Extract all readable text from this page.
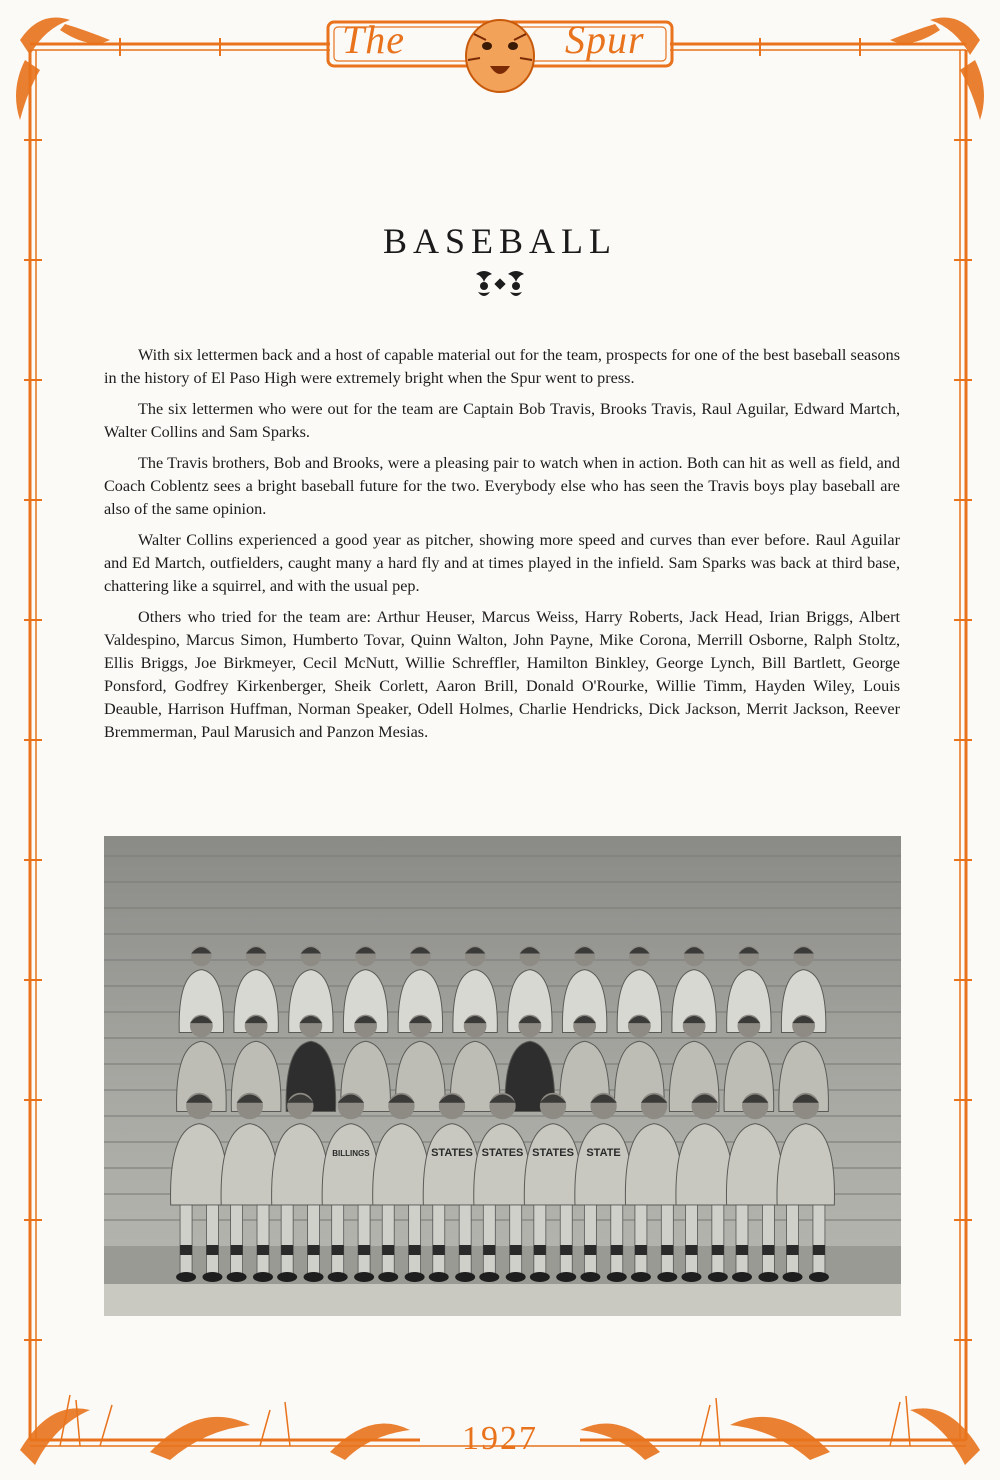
The	Spur
1927
BASEBALL

With six lettermen back and a host of capable material out for the team, prospects for one of the best baseball seasons in the history of El Paso High were extremely bright when the Spur went to press.

The six lettermen who were out for the team are Captain Bob Travis, Brooks Travis, Raul Aguilar, Edward Martch, Walter Collins and Sam Sparks.

The Travis brothers, Bob and Brooks, were a pleasing pair to watch when in action. Both can hit as well as field, and Coach Coblentz sees a bright baseball future for the two. Everybody else who has seen the Travis boys play baseball are also of the same opinion.

Walter Collins experienced a good year as pitcher, showing more speed and curves than ever before. Raul Aguilar and Ed Martch, outfielders, caught many a hard fly and at times played in the infield. Sam Sparks was back at third base, chattering like a squirrel, and with the usual pep.

Others who tried for the team are: Arthur Heuser, Marcus Weiss, Harry Roberts, Jack Head, Irian Briggs, Albert Valdespino, Marcus Simon, Humberto Tovar, Quinn Walton, John Payne, Mike Corona, Merrill Osborne, Ralph Stoltz, Ellis Briggs, Joe Birkmeyer, Cecil McNutt, Willie Schreffler, Hamilton Binkley, George Lynch, Bill Bartlett, George Ponsford, Godfrey Kirkenberger, Sheik Corlett, Aaron Brill, Donald O'Rourke, Willie Timm, Hayden Wiley, Louis Deauble, Harrison Huffman, Norman Speaker, Odell Holmes, Charlie Hendricks, Dick Jackson, Merrit Jackson, Reever Bremmerman, Paul Marusich and Panzon Mesias.

BILLINGS	STATES STATES STATES STATE
